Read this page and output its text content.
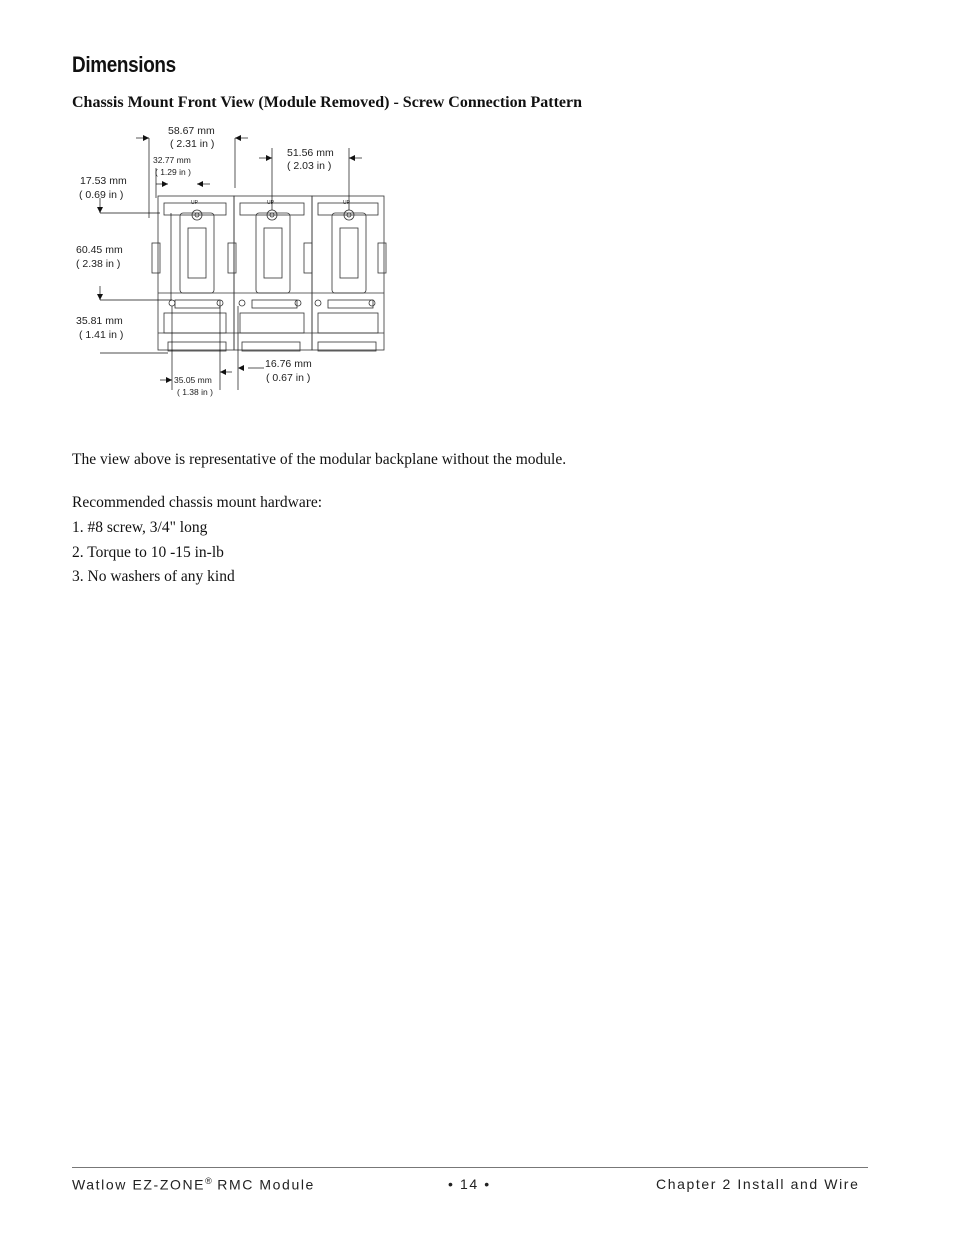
Dimensions
Chassis Mount Front View (Module Removed) - Screw Connection Pattern
58.67 mm
( 2.31 in )
32.77 mm
( 1.29 in )
51.56 mm
( 2.03 in )
17.53 mm
( 0.69 in )
60.45 mm
( 2.38 in )
35.81 mm
( 1.41 in )
16.76 mm
( 0.67 in )
35.05 mm
( 1.38 in )
UP	UP	UP

The view above is representative of the modular backplane without the module.

Recommended chassis mount hardware:

1. #8 screw, 3/4" long

2. Torque to 10 -15 in-lb

3. No washers of any kind

Watlow EZ-ZONE® RMC Module	• 14 •	Chapter 2 Install and Wire
